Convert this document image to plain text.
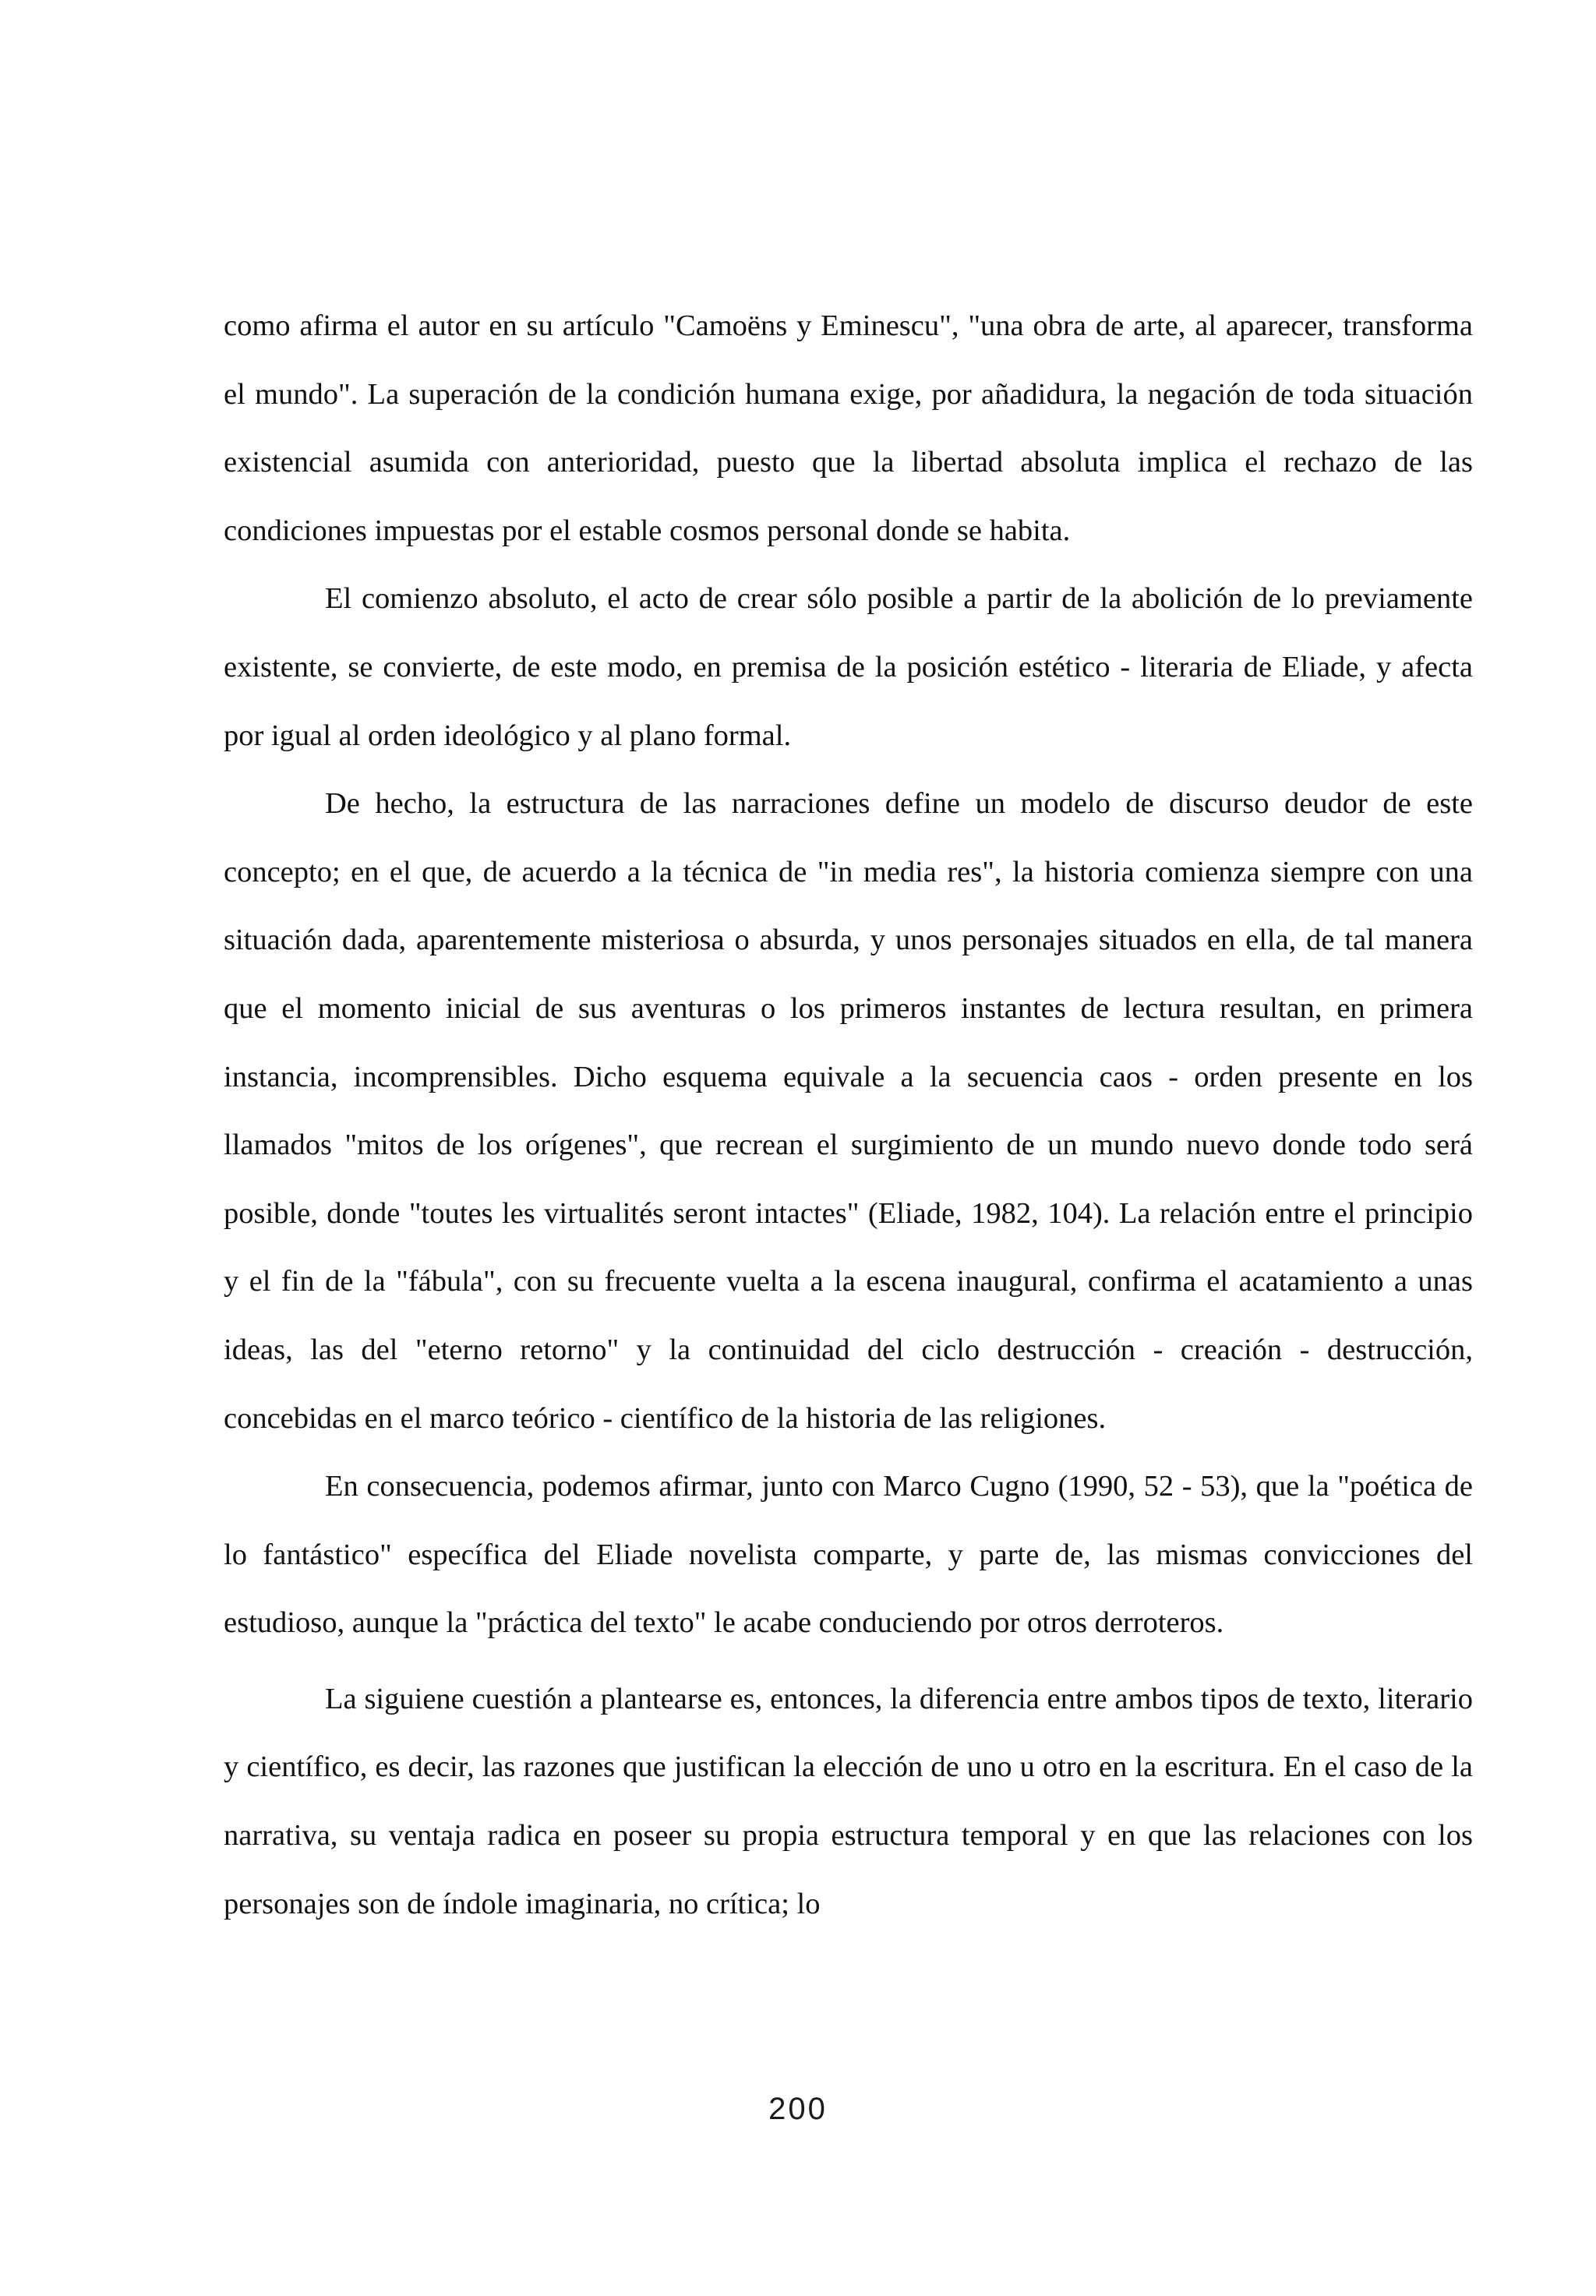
como afirma el autor en su artículo "Camoëns y Eminescu", "una obra de arte, al aparecer, transforma el mundo". La superación de la condición humana exige, por añadidura, la negación de toda situación existencial asumida con anterioridad, puesto que la libertad absoluta implica el rechazo de las condiciones impuestas por el estable cosmos personal donde se habita.

El comienzo absoluto, el acto de crear sólo posible a partir de la abolición de lo previamente existente, se convierte, de este modo, en premisa de la posición estético - literaria de Eliade, y afecta por igual al orden ideológico y al plano formal.

De hecho, la estructura de las narraciones define un modelo de discurso deudor de este concepto; en el que, de acuerdo a la técnica de "in media res", la historia comienza siempre con una situación dada, aparentemente misteriosa o absurda, y unos personajes situados en ella, de tal manera que el momento inicial de sus aventuras o los primeros instantes de lectura resultan, en primera instancia, incomprensibles. Dicho esquema equivale a la secuencia caos - orden presente en los llamados "mitos de los orígenes", que recrean el surgimiento de un mundo nuevo donde todo será posible, donde "toutes les virtualités seront intactes" (Eliade, 1982, 104). La relación entre el principio y el fin de la "fábula", con su frecuente vuelta a la escena inaugural, confirma el acatamiento a unas ideas, las del "eterno retorno" y la continuidad del ciclo destrucción - creación - destrucción, concebidas en el marco teórico - científico de la historia de las religiones.

En consecuencia, podemos afirmar, junto con Marco Cugno (1990, 52 - 53), que la "poética de lo fantástico" específica del Eliade novelista comparte, y parte de, las mismas convicciones del estudioso, aunque la "práctica del texto" le acabe conduciendo por otros derroteros.

La siguiene cuestión a plantearse es, entonces, la diferencia entre ambos tipos de texto, literario y científico, es decir, las razones que justifican la elección de uno u otro en la escritura. En el caso de la narrativa, su ventaja radica en poseer su propia estructura temporal y en que las relaciones con los personajes son de índole imaginaria, no crítica; lo

200
